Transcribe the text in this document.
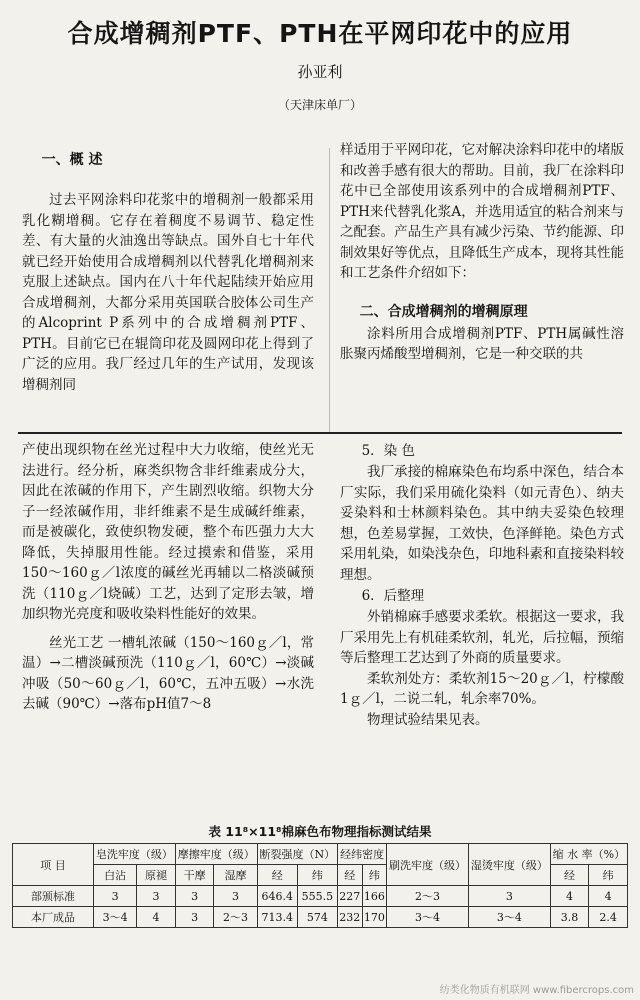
合成增稠剂PTF、PTH在平网印花中的应用
孙亚利
（天津床单厂）
一、概 述

过去平网涂料印花浆中的增稠剂一般都采用乳化糊增稠。它存在着稠度不易调节、稳定性差、有大量的火油逸出等缺点。国外自七十年代就已经开始使用合成增稠剂以代替乳化增稠剂来克服上述缺点。国内在八十年代起陆续开始应用合成增稠剂，大都分采用英国联合胶体公司生产的Alcoprint P系列中的合成增稠剂PTF、PTH。目前它已在辊筒印花及圆网印花上得到了广泛的应用。我厂经过几年的生产试用，发现该增稠剂同

样适用于平网印花，它对解决涂料印花中的堵版和改善手感有很大的帮助。目前，我厂在涂料印花中已全部使用该系列中的合成增稠剂PTF、PTH来代替乳化浆A，并选用适宜的粘合剂来与之配套。产品生产具有减少污染、节约能源、印制效果好等优点，且降低生产成本，现将其性能和工艺条件介绍如下：

二、合成增稠剂的增稠原理

涂料所用合成增稠剂PTF、PTH属碱性溶胀聚丙烯酸型增稠剂，它是一种交联的共

产使出现织物在丝光过程中大力收缩，使丝光无法进行。经分析，麻类织物含非纤维素成分大，因此在浓碱的作用下，产生剧烈收缩。织物大分子一经浓碱作用，非纤维素不是生成碱纤维素，而是被碳化，致使织物发硬，整个布匹强力大大降低，失掉服用性能。经过摸索和借鉴，采用150～160ｇ／l浓度的碱丝光再辅以二格淡碱预洗（110ｇ／l烧碱）工艺，达到了定形去皱，增加织物光亮度和吸收染料性能好的效果。

丝光工艺 一槽轧浓碱（150～160ｇ／l，常温）→二槽淡碱预洗（110ｇ／l，60℃）→淡碱冲吸（50～60ｇ／l，60℃，五冲五吸）→水洗去碱（90℃）→落布pH值7～8

5．染 色

我厂承接的棉麻染色布均系中深色，结合本厂实际，我们采用硫化染料（如元青色）、纳夫妥染料和士林颜料染色。其中纳夫妥染色较理想，色差易掌握，工效快，色泽鲜艳。染色方式采用轧染，如染浅杂色，印地科素和直接染料较理想。

6．后整理

外销棉麻手感要求柔软。根据这一要求，我厂采用先上有机硅柔软剂，轧光，后拉幅，预缩等后整理工艺达到了外商的质量要求。

柔软剂处方：柔软剂15～20ｇ／l，柠檬酸1ｇ／l，二说二轧，轧余率70%。

物理试验结果见表。

表 11⁸×11⁸棉麻色布物理指标测试结果
项 目	皂洗牢度（级）		摩擦牢度（级）		断裂强度（N）		经纬密度		刷洗牢度（级）	湿烫牢度（级）	缩 水 率（%）	
	白沾	原褪	干摩	湿摩	经	纬	经	纬			经	纬
部颁标准	3	3	3	3	646.4	555.5	227	166	2～3	3	4	4
本厂成品	3～4	4	3	2～3	713.4	574	232	170	3～4	3～4	3.8	2.4
纺类化物质有机联网 www.fibercrops.com
